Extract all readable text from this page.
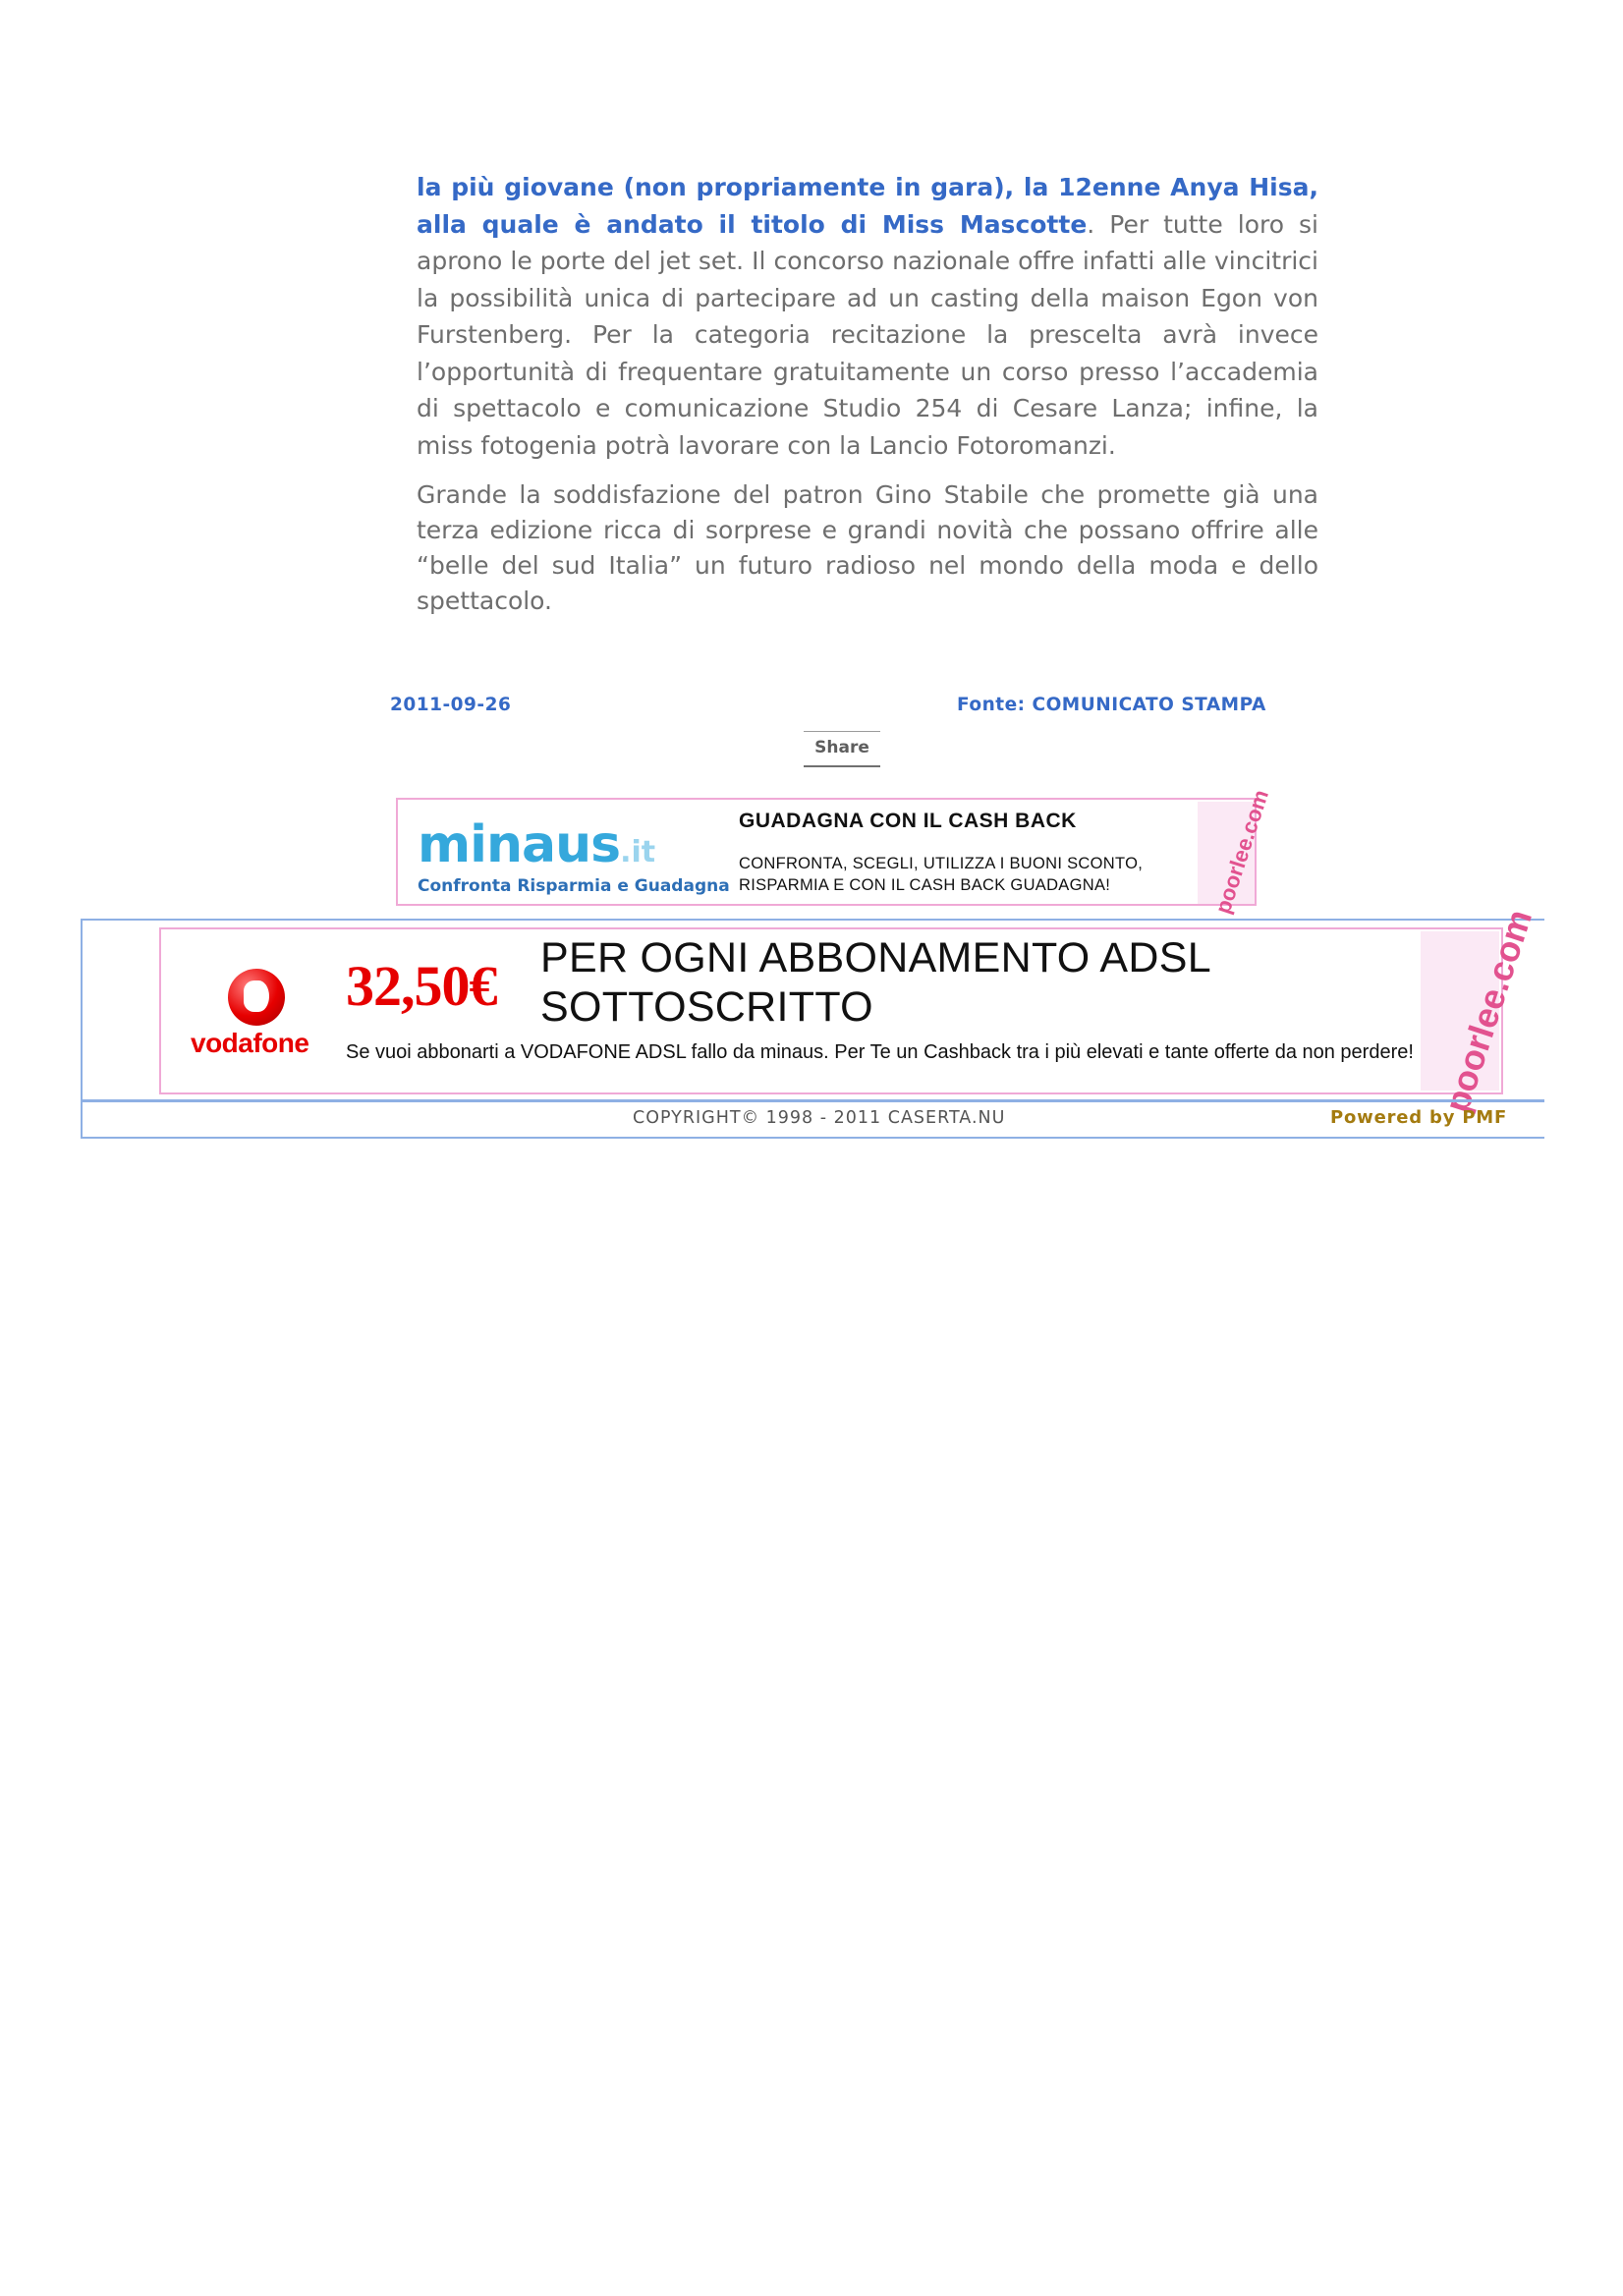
la più giovane (non propriamente in gara), la 12enne Anya Hisa, alla quale è andato il titolo di Miss Mascotte. Per tutte loro si aprono le porte del jet set. Il concorso nazionale offre infatti alle vincitrici la possibilità unica di partecipare ad un casting della maison Egon von Furstenberg. Per la categoria recitazione la prescelta avrà invece l’opportunità di frequentare gratuitamente un corso presso l’accademia di spettacolo e comunicazione Studio 254 di Cesare Lanza; infine, la miss fotogenia potrà lavorare con la Lancio Fotoromanzi.

Grande la soddisfazione del patron Gino Stabile che promette già una terza edizione ricca di sorprese e grandi novità che possano offrire alle “belle del sud Italia” un futuro radioso nel mondo della moda e dello spettacolo.

2011-09-26	Fonte: COMUNICATO STAMPA
Share
minaus.it
Confronta Risparmia e Guadagna
GUADAGNA CON IL CASH BACK
CONFRONTA, SCEGLI, UTILIZZA I BUONI SCONTO, RISPARMIA E CON IL CASH BACK GUADAGNA!	poorlee.com
vodafone
32,50€ PER OGNI ABBONAMENTO ADSL SOTTOSCRITTO
Se vuoi abbonarti a VODAFONE ADSL fallo da minaus. Per Te un Cashback tra i più elevati e tante offerte da non perdere! poorlee.com
COPYRIGHT© 1998 - 2011 CASERTA.NU	Powered by PMF
